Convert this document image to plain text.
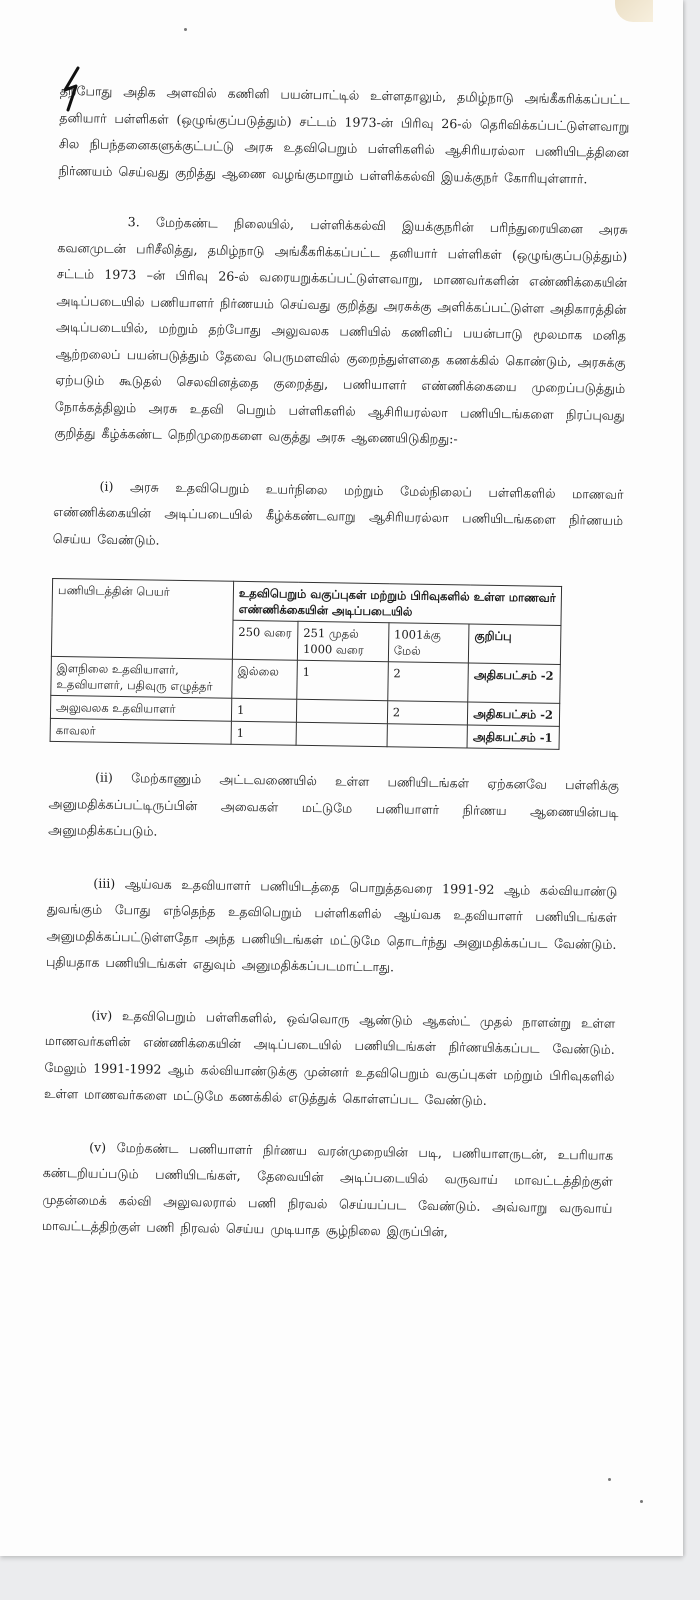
தற்போது அதிக அளவில் கணினி பயன்பாட்டில் உள்ளதாலும், தமிழ்நாடு அங்கீகரிக்கப்பட்ட தனியார் பள்ளிகள் (ஒழுங்குப்படுத்தும்) சட்டம் 1973-ன் பிரிவு 26-ல் தெரிவிக்கப்பட்டுள்ளவாறு சில நிபந்தனைகளுக்குட்பட்டு அரசு உதவிபெறும் பள்ளிகளில் ஆசிரியரல்லா பணியிடத்தினை நிர்ணயம் செய்வது குறித்து ஆணை வழங்குமாறும் பள்ளிக்கல்வி இயக்குநர் கோரியுள்ளார்.

3. மேற்கண்ட நிலையில், பள்ளிக்கல்வி இயக்குநரின் பரிந்துரையினை அரசு கவனமுடன் பரிசீலித்து, தமிழ்நாடு அங்கீகரிக்கப்பட்ட தனியார் பள்ளிகள் (ஒழுங்குப்படுத்தும்) சட்டம் 1973 –ன் பிரிவு 26-ல் வரையறுக்கப்பட்டுள்ளவாறு, மாணவர்களின் எண்ணிக்கையின் அடிப்படையில் பணியாளர் நிர்ணயம் செய்வது குறித்து அரசுக்கு அளிக்கப்பட்டுள்ள அதிகாரத்தின் அடிப்படையில், மற்றும் தற்போது அலுவலக பணியில் கணினிப் பயன்பாடு மூலமாக மனித ஆற்றலைப் பயன்படுத்தும் தேவை பெருமளவில் குறைந்துள்ளதை கணக்கில் கொண்டும், அரசுக்கு ஏற்படும் கூடுதல் செலவினத்தை குறைத்து, பணியாளர் எண்ணிக்கையை முறைப்படுத்தும் நோக்கத்திலும் அரசு உதவி பெறும் பள்ளிகளில் ஆசிரியரல்லா பணியிடங்களை நிரப்புவது குறித்து கீழ்க்கண்ட நெறிமுறைகளை வகுத்து அரசு ஆணையிடுகிறது:-

(i) அரசு உதவிபெறும் உயர்நிலை மற்றும் மேல்நிலைப் பள்ளிகளில் மாணவர் எண்ணிக்கையின் அடிப்படையில் கீழ்க்கண்டவாறு ஆசிரியரல்லா பணியிடங்களை நிர்ணயம் செய்ய வேண்டும்.

பணியிடத்தின் பெயர்	உதவிபெறும் வகுப்புகள் மற்றும் பிரிவுகளில் உள்ள மாணவர் எண்ணிக்கையின் அடிப்படையில்			
	250 வரை	251 முதல் 1000 வரை	1001க்கு மேல்	குறிப்பு
இளநிலை உதவியாளர், உதவியாளர், பதிவுரு எழுத்தர்	இல்லை	1	2	அதிகபட்சம் -2
அலுவலக உதவியாளர்	1		2	அதிகபட்சம் -2
காவலர்	1			அதிகபட்சம் -1

(ii) மேற்காணும் அட்டவணையில் உள்ள பணியிடங்கள் ஏற்கனவே பள்ளிக்கு அனுமதிக்கப்பட்டிருப்பின் அவைகள் மட்டுமே பணியாளர் நிர்ணய ஆணையின்படி அனுமதிக்கப்படும்.

(iii) ஆய்வக உதவியாளர் பணியிடத்தை பொறுத்தவரை 1991-92 ஆம் கல்வியாண்டு துவங்கும் போது எந்தெந்த உதவிபெறும் பள்ளிகளில் ஆய்வக உதவியாளர் பணியிடங்கள் அனுமதிக்கப்பட்டுள்ளதோ அந்த பணியிடங்கள் மட்டுமே தொடர்ந்து அனுமதிக்கப்பட வேண்டும். புதியதாக பணியிடங்கள் எதுவும் அனுமதிக்கப்படமாட்டாது.

(iv) உதவிபெறும் பள்ளிகளில், ஒவ்வொரு ஆண்டும் ஆகஸ்ட் முதல் நாளன்று உள்ள மாணவர்களின் எண்ணிக்கையின் அடிப்படையில் பணியிடங்கள் நிர்ணயிக்கப்பட வேண்டும். மேலும் 1991-1992 ஆம் கல்வியாண்டுக்கு முன்னர் உதவிபெறும் வகுப்புகள் மற்றும் பிரிவுகளில் உள்ள மாணவர்களை மட்டுமே கணக்கில் எடுத்துக் கொள்ளப்பட வேண்டும்.

(v) மேற்கண்ட பணியாளர் நிர்ணய வரன்முறையின் படி, பணியாளருடன், உபரியாக கண்டறியப்படும் பணியிடங்கள், தேவையின் அடிப்படையில் வருவாய் மாவட்டத்திற்குள் முதன்மைக் கல்வி அலுவலரால் பணி நிரவல் செய்யப்பட வேண்டும். அவ்வாறு வருவாய் மாவட்டத்திற்குள் பணி நிரவல் செய்ய முடியாத சூழ்நிலை இருப்பின்,
